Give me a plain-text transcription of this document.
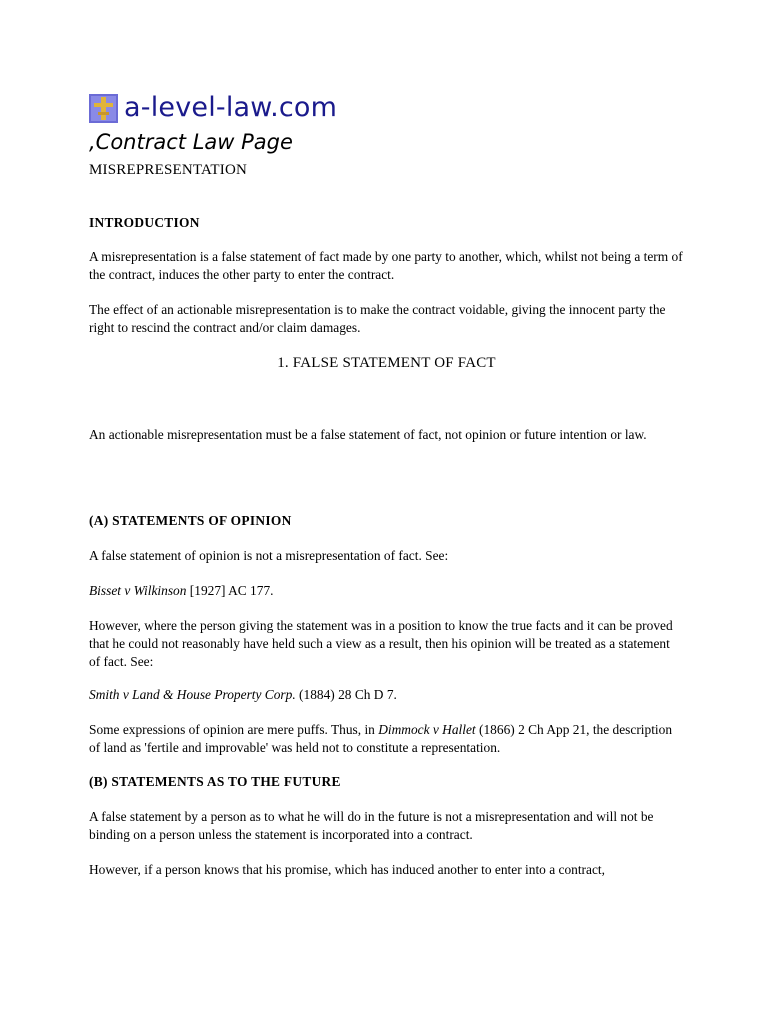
a-level-law.com
,Contract Law Page
MISREPRESENTATION

INTRODUCTION

A misrepresentation is a false statement of fact made by one party to another, which, whilst not being a term of the contract, induces the other party to enter the contract.

The effect of an actionable misrepresentation is to make the contract voidable, giving the innocent party the right to rescind the contract and/or claim damages.

1. FALSE STATEMENT OF FACT

An actionable misrepresentation must be a false statement of fact, not opinion or future intention or law.

(A) STATEMENTS OF OPINION

A false statement of opinion is not a misrepresentation of fact. See:

Bisset v Wilkinson [1927] AC 177.

However, where the person giving the statement was in a position to know the true facts and it can be proved that he could not reasonably have held such a view as a result, then his opinion will be treated as a statement of fact. See:

Smith v Land & House Property Corp. (1884) 28 Ch D 7.

Some expressions of opinion are mere puffs. Thus, in Dimmock v Hallet (1866) 2 Ch App 21, the description of land as 'fertile and improvable' was held not to constitute a representation.

(B) STATEMENTS AS TO THE FUTURE

A false statement by a person as to what he will do in the future is not a misrepresentation and will not be binding on a person unless the statement is incorporated into a contract.

However, if a person knows that his promise, which has induced another to enter into a contract,
